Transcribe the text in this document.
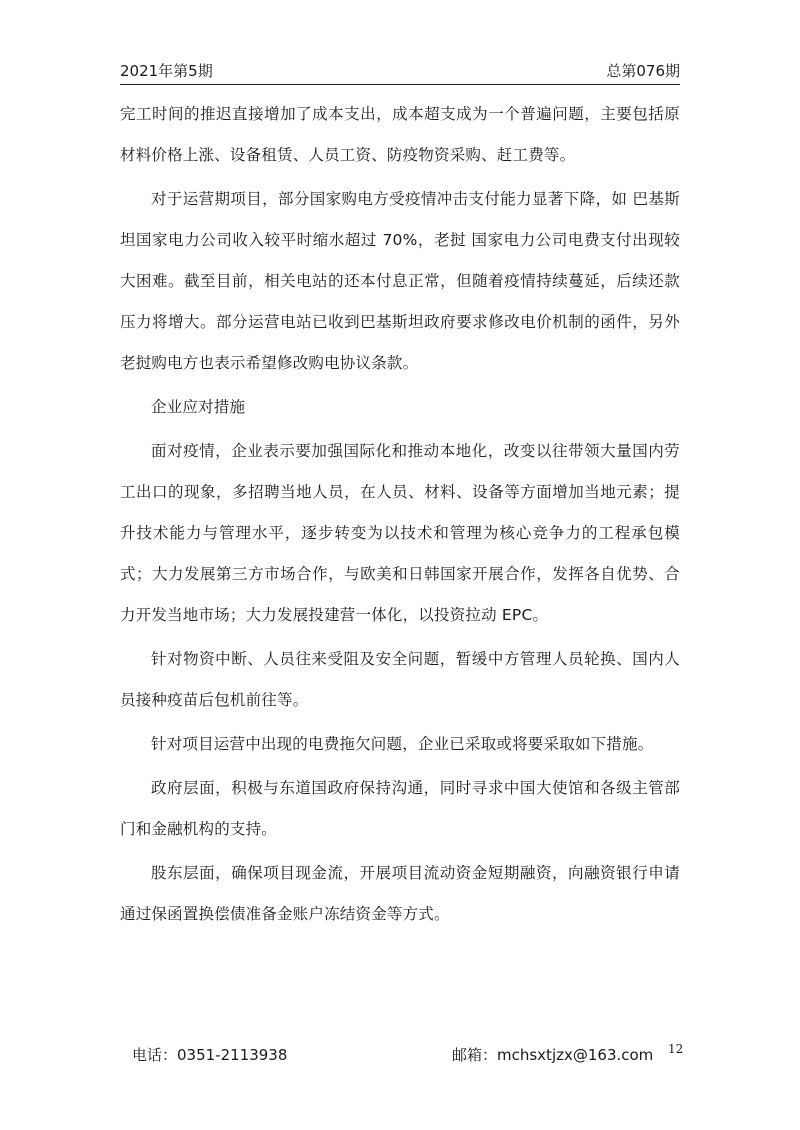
2021年第5期	总第076期

完工时间的推迟直接增加了成本支出，成本超支成为一个普遍问题，主要包括原材料价格上涨、设备租赁、人员工资、防疫物资采购、赶工费等。

对于运营期项目，部分国家购电方受疫情冲击支付能力显著下降，如 巴基斯坦国家电力公司收入较平时缩水超过 70%，老挝 国家电力公司电费支付出现较大困难。截至目前，相关电站的还本付息正常，但随着疫情持续蔓延，后续还款压力将增大。部分运营电站已收到巴基斯坦政府要求修改电价机制的函件，另外老挝购电方也表示希望修改购电协议条款。

企业应对措施

面对疫情，企业表示要加强国际化和推动本地化，改变以往带领大量国内劳工出口的现象，多招聘当地人员，在人员、材料、设备等方面增加当地元素；提升技术能力与管理水平，逐步转变为以技术和管理为核心竞争力的工程承包模式；大力发展第三方市场合作，与欧美和日韩国家开展合作，发挥各自优势、合力开发当地市场；大力发展投建营一体化，以投资拉动 EPC。

针对物资中断、人员往来受阻及安全问题，暂缓中方管理人员轮换、国内人员接种疫苗后包机前往等。

针对项目运营中出现的电费拖欠问题，企业已采取或将要采取如下措施。

政府层面，积极与东道国政府保持沟通，同时寻求中国大使馆和各级主管部门和金融机构的支持。

股东层面，确保项目现金流，开展项目流动资金短期融资，向融资银行申请通过保函置换偿债准备金账户冻结资金等方式。

电话：0351-2113938	邮箱：mchsxtjzx@163.com 12
